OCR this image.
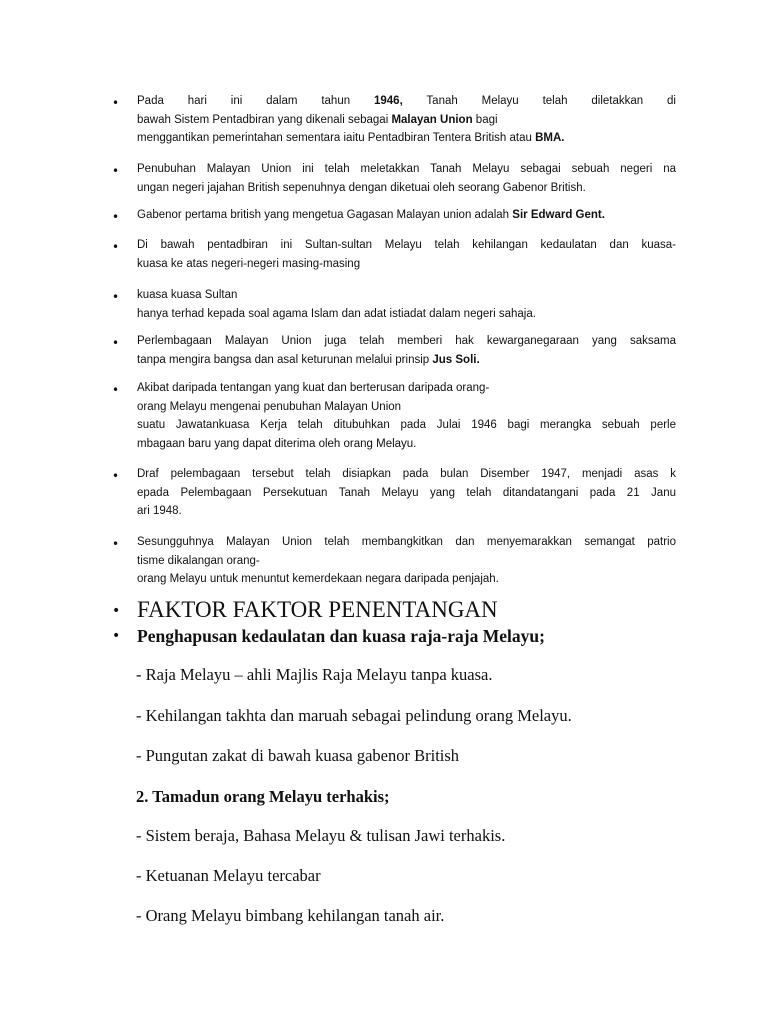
• Pada hari ini dalam tahun 1946, Tanah Melayu telah diletakkan di
bawah Sistem Pentadbiran yang dikenali sebagai Malayan Union bagi
menggantikan pemerintahan sementara iaitu Pentadbiran Tentera British atau BMA.
• Penubuhan Malayan Union ini telah meletakkan Tanah Melayu sebagai sebuah negeri na
ungan negeri jajahan British sepenuhnya dengan diketuai oleh seorang Gabenor British.
• Gabenor pertama british yang mengetua Gagasan Malayan union adalah Sir Edward Gent.
• Di bawah pentadbiran ini Sultan-sultan Melayu telah kehilangan kedaulatan dan kuasa-
kuasa ke atas negeri-negeri masing-masing
• kuasa kuasa Sultan
hanya terhad kepada soal agama Islam dan adat istiadat dalam negeri sahaja.
• Perlembagaan Malayan Union juga telah memberi hak kewarganegaraan yang saksama
tanpa mengira bangsa dan asal keturunan melalui prinsip Jus Soli.
• Akibat daripada tentangan yang kuat dan berterusan daripada orang-
orang Melayu mengenai penubuhan Malayan Union
suatu Jawatankuasa Kerja telah ditubuhkan pada Julai 1946 bagi merangka sebuah perle
mbagaan baru yang dapat diterima oleh orang Melayu.
• Draf pelembagaan tersebut telah disiapkan pada bulan Disember 1947, menjadi asas k
epada Pelembagaan Persekutuan Tanah Melayu yang telah ditandatangani pada 21 Janu
ari 1948.
• Sesungguhnya Malayan Union telah membangkitkan dan menyemarakkan semangat patrio
tisme dikalangan orang-
orang Melayu untuk menuntut kemerdekaan negara daripada penjajah.
• FAKTOR FAKTOR PENENTANGAN
• Penghapusan kedaulatan dan kuasa raja-raja Melayu;
- Raja Melayu – ahli Majlis Raja Melayu tanpa kuasa.
- Kehilangan takhta dan maruah sebagai pelindung orang Melayu.
- Pungutan zakat di bawah kuasa gabenor British
2. Tamadun orang Melayu terhakis;
- Sistem beraja, Bahasa Melayu & tulisan Jawi terhakis.
- Ketuanan Melayu tercabar
- Orang Melayu bimbang kehilangan tanah air.
